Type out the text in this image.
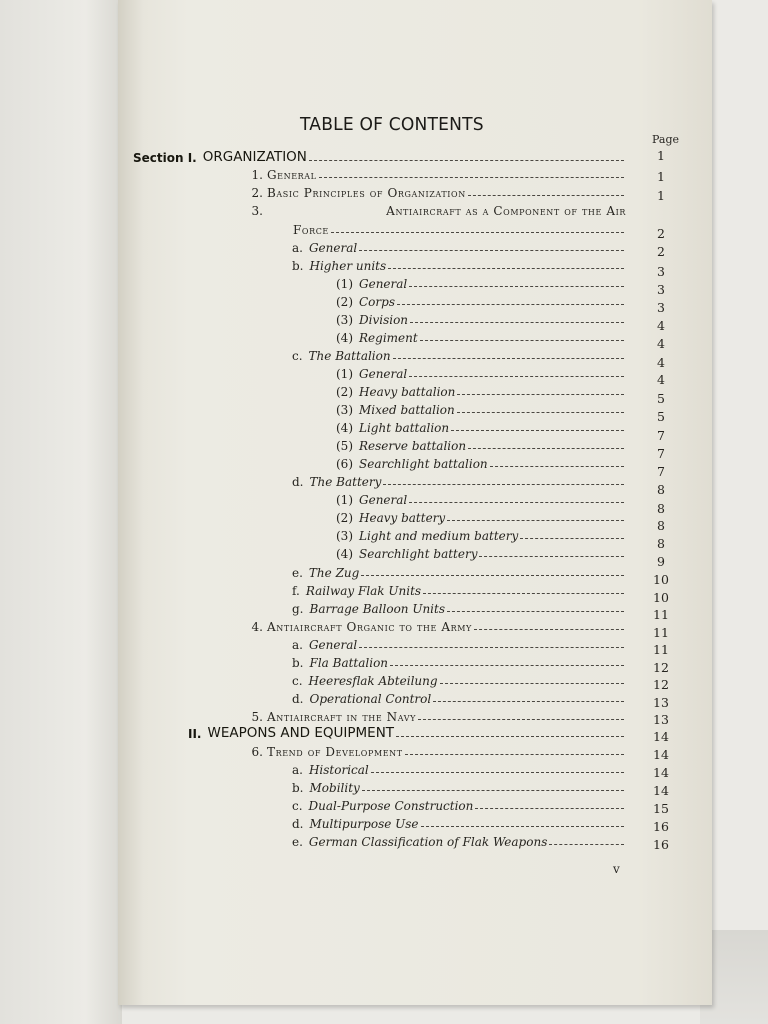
TABLE OF CONTENTS
Page
Section I. ORGANIZATION
1. General
2. Basic Principles of Organization
3.	Antiaircraft as a Component of the Air
Force
a. General
b. Higher units
(1) General
(2) Corps
(3) Division
(4) Regiment
c. The Battalion
(1) General
(2) Heavy battalion
(3) Mixed battalion
(4) Light battalion
(5) Reserve battalion
(6) Searchlight battalion
d. The Battery
(1) General
(2) Heavy battery
(3) Light and medium battery
(4) Searchlight battery
e. The Zug
f. Railway Flak Units
g. Barrage Balloon Units
4. Antiaircraft Organic to the Army
a. General
b. Fla Battalion
c. Heeresflak Abteilung
d. Operational Control
5. Antiaircraft in the Navy
II. WEAPONS AND EQUIPMENT
6. Trend of Development
a. Historical
b. Mobility
c. Dual-Purpose Construction
d. Multipurpose Use
e. German Classification of Flak Weapons
1
1
1
2
2
3
3
3
4
4
4
4
5
5
7
7
7
8
8
8
8
9
10
10
11
11
11
12
12
13
13
14
14
14
14
15
16
16
v
